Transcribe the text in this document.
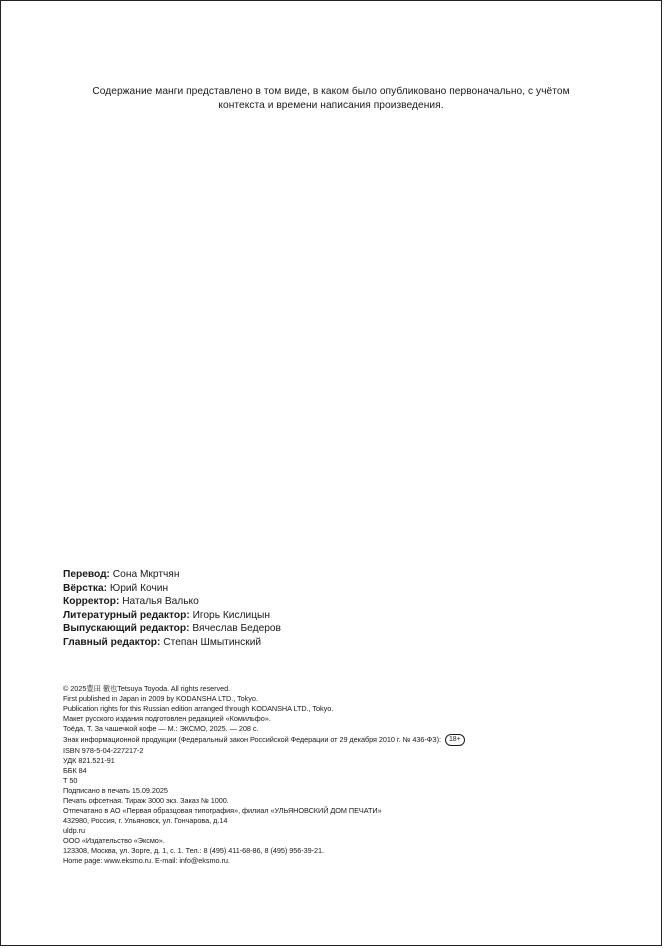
Содержание манги представлено в том виде, в каком было опубликовано первоначально, с учётом
контекста и времени написания произведения.
Перевод: Сона Мкртчян
Вёрстка: Юрий Кочин
Корректор: Наталья Валько
Литературный редактор: Игорь Кислицын
Выпускающий редактор: Вячеслав Бедеров
Главный редактор: Степан Шмытинский
© 2025豊田 徹也Tetsuya Toyoda. All rights reserved.
First published in Japan in 2009 by KODANSHA LTD., Tokyo.
Publication rights for this Russian edition arranged through KODANSHA LTD., Tokyo.
Макет русского издания подготовлен редакцией «Комильфо».
Тоёда, Т. За чашечкой кофе — М.: ЭКСМО, 2025. — 208 с.
Знак информационной продукции (Федеральный закон Российской Федерации от 29 декабря 2010 г. № 436-ФЗ): 18+
ISBN 978-5-04-227217-2
УДК 821.521-91
ББК 84
Т 50
Подписано в печать 15.09.2025
Печать офсетная. Тираж 3000 экз. Заказ № 1000.
Отпечатано в АО «Первая образцовая типография», филиал «УЛЬЯНОВСКИЙ ДОМ ПЕЧАТИ»
432980, Россия, г. Ульяновск, ул. Гончарова, д.14
uldp.ru
ООО «Издательство «Эксмо».
123308, Москва, ул. Зорге, д. 1, с. 1. Тел.: 8 (495) 411-68-86, 8 (495) 956-39-21.
Home page: www.eksmo.ru. E-mail: info@eksmo.ru.
